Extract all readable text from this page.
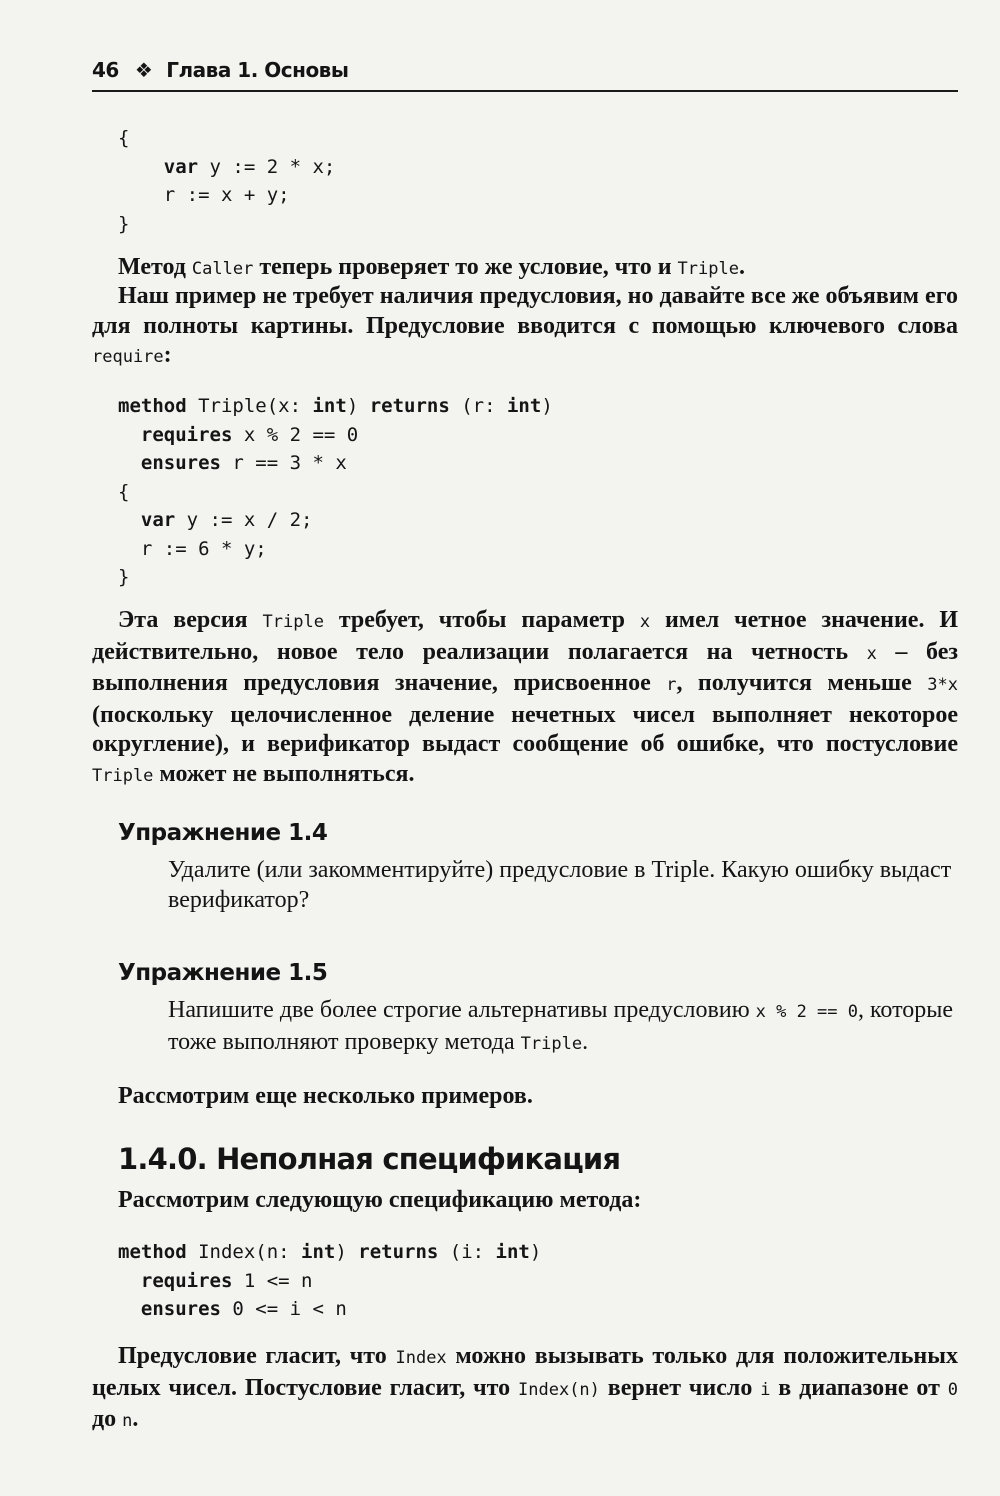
46 ❖ Глава 1. Основы
{
var y := 2 * x;
r := x + y;
}

Метод Caller теперь проверяет то же условие, что и Triple.

Наш пример не требует наличия предусловия, но давайте все же объявим его для полноты картины. Предусловие вводится с помощью ключевого слова require:

method Triple(x: int) returns (r: int)
requires x % 2 == 0
ensures r == 3 * x
{
var y := x / 2;
r := 6 * y;
}

Эта версия Triple требует, чтобы параметр x имел четное значение. И действительно, новое тело реализации полагается на четность x – без выполнения предусловия значение, присвоенное r, получится меньше 3*x (поскольку целочисленное деление нечетных чисел выполняет некоторое округление), и верификатор выдаст сообщение об ошибке, что постусловие Triple может не выполняться.

Упражнение 1.4

Удалите (или закомментируйте) предусловие в Triple. Какую ошибку выдаст верификатор?

Упражнение 1.5

Напишите две более строгие альтернативы предусловию x % 2 == 0, которые тоже выполняют проверку метода Triple.

Рассмотрим еще несколько примеров.

1.4.0. Неполная спецификация

Рассмотрим следующую спецификацию метода:

method Index(n: int) returns (i: int)
requires 1 <= n
ensures 0 <= i < n

Предусловие гласит, что Index можно вызывать только для положительных целых чисел. Постусловие гласит, что Index(n) вернет число i в диапазоне от 0 до n.
